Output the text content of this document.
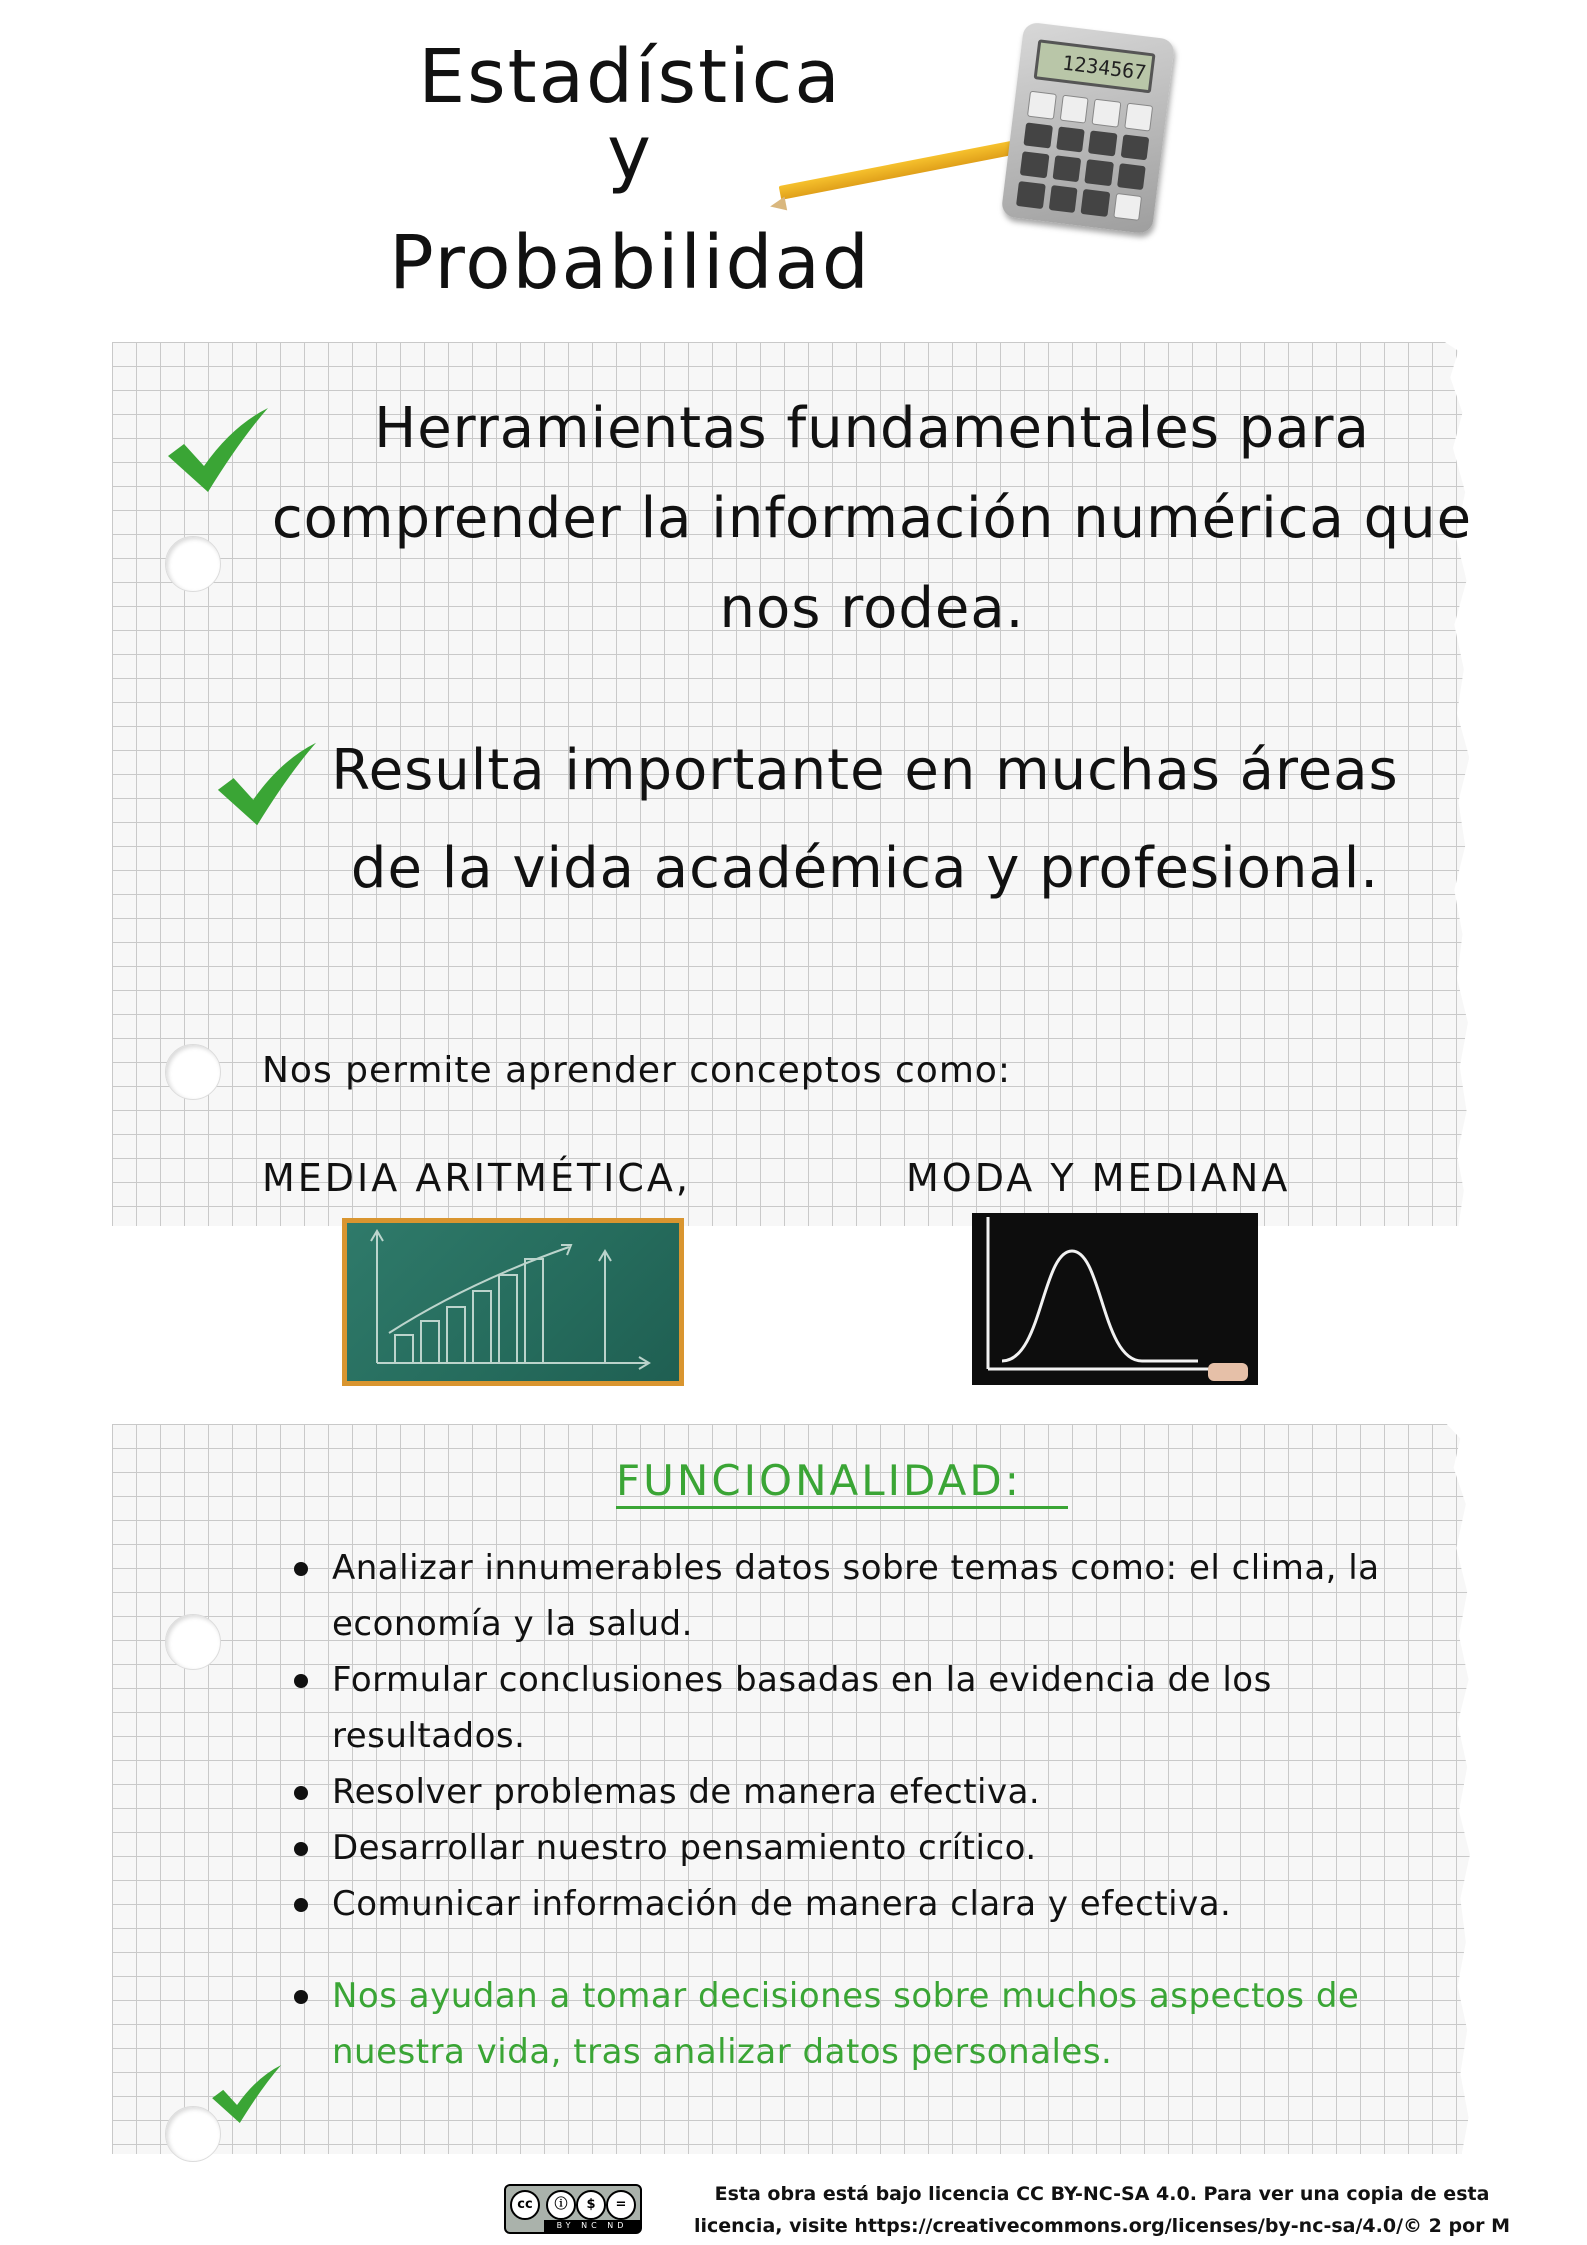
Estadística
y
Probabilidad
1234567
Herramientas fundamentales para comprender la información numérica que nos rodea.
Resulta importante en muchas áreas de la vida académica y profesional.
Nos permite aprender conceptos como:
MEDIA ARITMÉTICA,	MODA Y MEDIANA
FUNCIONALIDAD:
Analizar innumerables datos sobre temas como: el clima, la economía y la salud.
Formular conclusiones basadas en la evidencia de los resultados.
Resolver problemas de manera efectiva.
Desarrollar nuestro pensamiento crítico.
Comunicar información de manera clara y efectiva.
Nos ayudan a tomar decisiones sobre muchos aspectos de nuestra vida, tras analizar datos personales.
cc	ⓘ	$	=
BY NC ND
Esta obra está bajo licencia CC BY-NC-SA 4.0. Para ver una copia de esta licencia, visite https://creativecommons.org/licenses/by-nc-sa/4.0/© 2 por M
